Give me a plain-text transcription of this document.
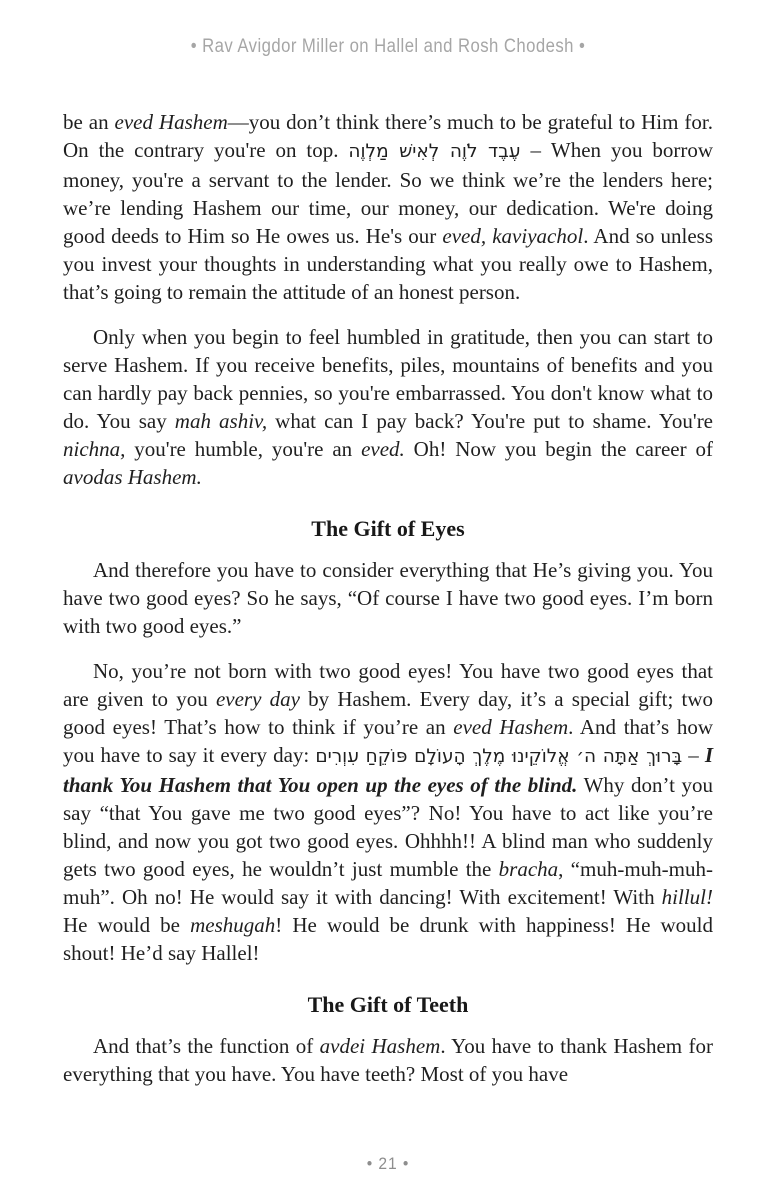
• Rav Avigdor Miller on Hallel and Rosh Chodesh •

be an eved Hashem—you don’t think there’s much to be grateful to Him for. On the contrary you're on top. עֶבֶד לֹוֶה לְאִישׁ מַלְוֶה – When you borrow money, you're a servant to the lender. So we think we’re the lenders here; we’re lending Hashem our time, our money, our dedication. We're doing good deeds to Him so He owes us. He's our eved, kaviyachol. And so unless you invest your thoughts in understanding what you really owe to Hashem, that’s going to remain the attitude of an honest person.

Only when you begin to feel humbled in gratitude, then you can start to serve Hashem. If you receive benefits, piles, mountains of benefits and you can hardly pay back pennies, so you're embarrassed. You don't know what to do. You say mah ashiv, what can I pay back? You're put to shame. You're nichna, you're humble, you're an eved. Oh! Now you begin the career of avodas Hashem.

The Gift of Eyes

And therefore you have to consider everything that He’s giving you. You have two good eyes? So he says, “Of course I have two good eyes. I’m born with two good eyes.”

No, you’re not born with two good eyes! You have two good eyes that are given to you every day by Hashem. Every day, it’s a special gift; two good eyes! That’s how to think if you’re an eved Hashem. And that’s how you have to say it every day: בָּרוּךְ אַתָּה ה׳ אֱלוֹקֵינוּ מֶלֶךְ הָעוֹלָם פּוֹקֵחַ עִוְרִים – I thank You Hashem that You open up the eyes of the blind. Why don’t you say “that You gave me two good eyes”? No! You have to act like you’re blind, and now you got two good eyes. Ohhhh!! A blind man who suddenly gets two good eyes, he wouldn’t just mumble the bracha, “muh-muh-muh-muh”. Oh no! He would say it with dancing! With excitement! With hillul! He would be meshugah! He would be drunk with happiness! He would shout! He’d say Hallel!

The Gift of Teeth

And that’s the function of avdei Hashem. You have to thank Hashem for everything that you have. You have teeth? Most of you have

• 21 •
